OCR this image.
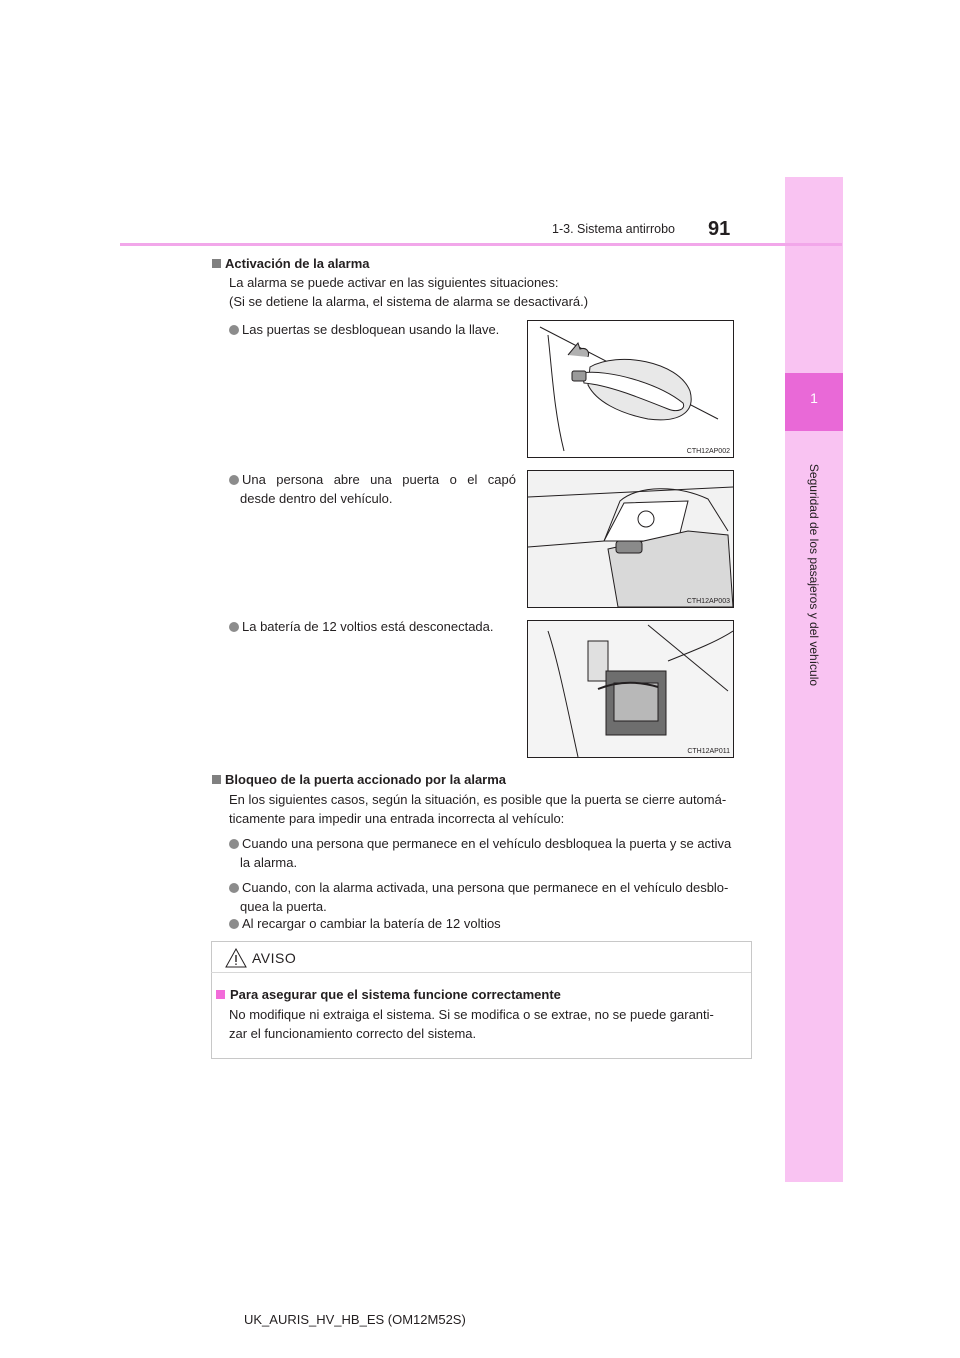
1
Seguridad de los pasajeros y del vehículo
1-3. Sistema antirrobo 91
Activación de la alarma
La alarma se puede activar en las siguientes situaciones:
(Si se detiene la alarma, el sistema de alarma se desactivará.)
Las puertas se desbloquean usando la llave.
Una persona abre una puerta o el capó
desde dentro del vehículo.
La batería de 12 voltios está desconectada.
CTH12AP002
CTH12AP003
CTH12AP011
Bloqueo de la puerta accionado por la alarma
En los siguientes casos, según la situación, es posible que la puerta se cierre automá-
ticamente para impedir una entrada incorrecta al vehículo:
Cuando una persona que permanece en el vehículo desbloquea la puerta y se activa
la alarma.
Cuando, con la alarma activada, una persona que permanece en el vehículo desblo-
quea la puerta.
Al recargar o cambiar la batería de 12 voltios
AVISO
Para asegurar que el sistema funcione correctamente
No modifique ni extraiga el sistema. Si se modifica o se extrae, no se puede garanti-
zar el funcionamiento correcto del sistema.
UK_AURIS_HV_HB_ES (OM12M52S)
